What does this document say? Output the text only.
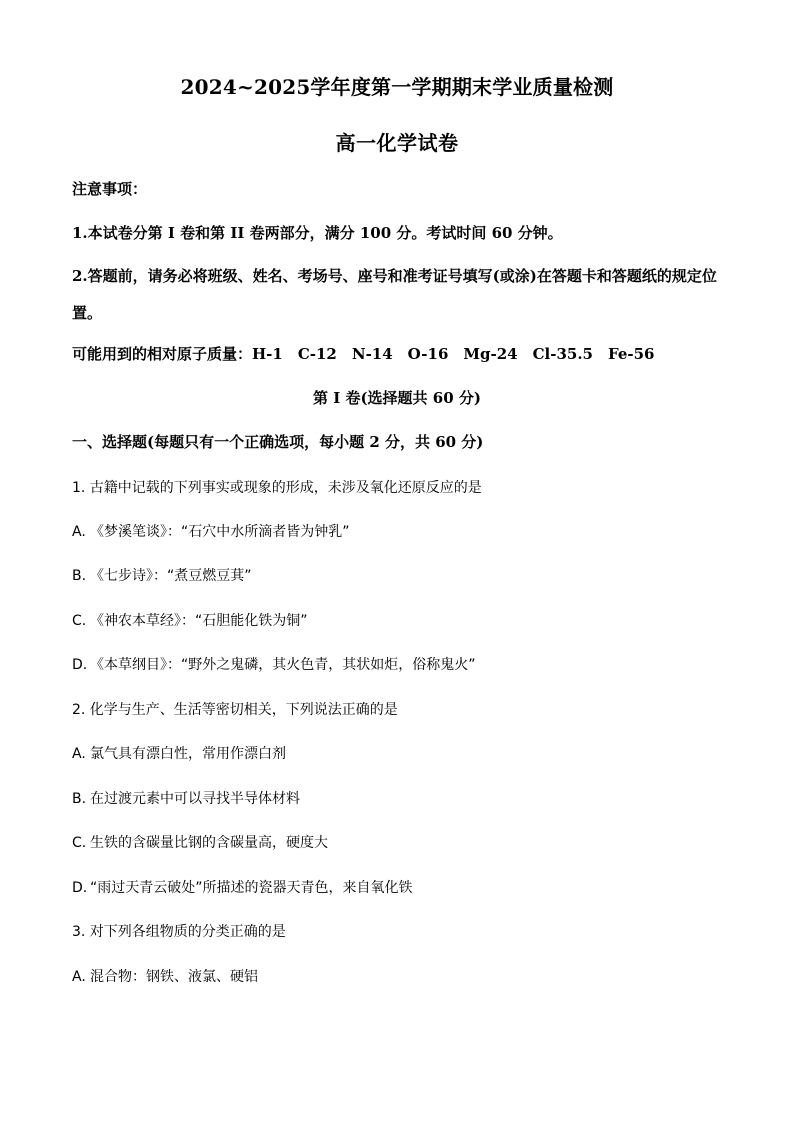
2024~2025学年度第一学期期末学业质量检测
高一化学试卷
注意事项：
1.本试卷分第 I 卷和第 II 卷两部分，满分 100 分。考试时间 60 分钟。
2.答题前，请务必将班级、姓名、考场号、座号和准考证号填写(或涂)在答题卡和答题纸的规定位置。
可能用到的相对原子质量：H-1　C-12　N-14　O-16　Mg-24　Cl-35.5　Fe-56
第 I 卷(选择题共 60 分)
一、选择题(每题只有一个正确选项，每小题 2 分，共 60 分)
1. 古籍中记载的下列事实或现象的形成，未涉及氧化还原反应的是
A. 《梦溪笔谈》：“石穴中水所滴者皆为钟乳”
B. 《七步诗》：“煮豆燃豆萁”
C. 《神农本草经》：“石胆能化铁为铜”
D. 《本草纲目》：“野外之鬼磷，其火色青，其状如炬，俗称鬼火”
2. 化学与生产、生活等密切相关，下列说法正确的是
A. 氯气具有漂白性，常用作漂白剂
B. 在过渡元素中可以寻找半导体材料
C. 生铁的含碳量比钢的含碳量高，硬度大
D. “雨过天青云破处”所描述的瓷器天青色，来自氧化铁
3. 对下列各组物质的分类正确的是
A. 混合物：钢铁、液氯、硬铝
